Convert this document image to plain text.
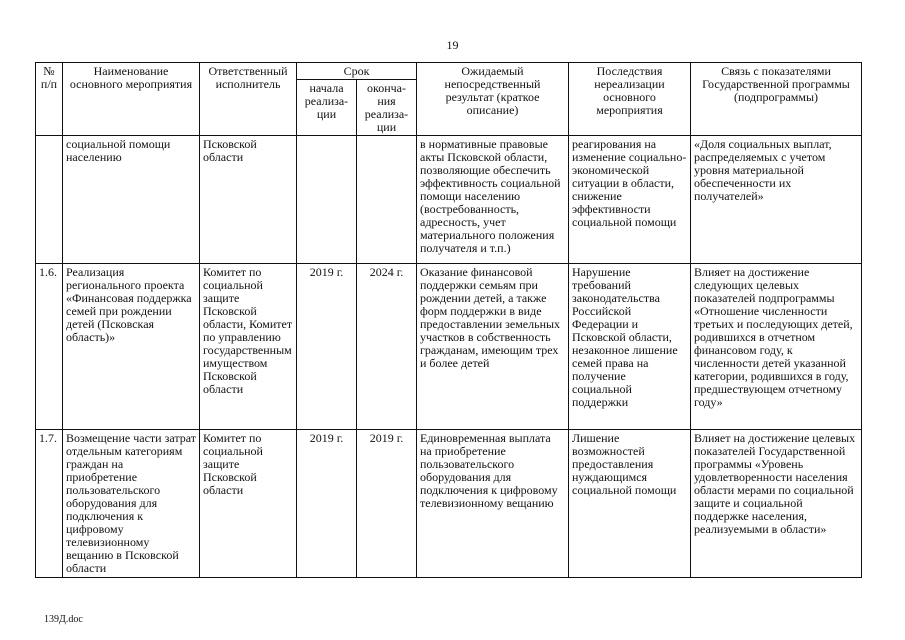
19
№ п/п	Наименование основного мероприятия	Ответственный исполнитель	Срок		Ожидаемый непосредственный результат (краткое описание)	Последствия нереализации основного мероприятия	Связь с показателями Государственной программы (подпрограммы)
			начала реализа-ции	оконча-ния реализа-ции			
	социальной помощи населению	Псковской области			в нормативные правовые акты Псковской области, позволяющие обеспечить эффективность социальной помощи населению (востребованность, адресность, учет материального положения получателя и т.п.)	реагирования на изменение социально-экономической ситуации в области, снижение эффективности социальной помощи	«Доля социальных выплат, распределяемых с учетом уровня материальной обеспеченности их получателей»
1.6.	Реализация регионального проекта «Финансовая поддержка семей при рождении детей (Псковская область)»	Комитет по социальной защите Псковской области, Комитет по управлению государственным имуществом Псковской области	2019 г.	2024 г.	Оказание финансовой поддержки семьям при рождении детей, а также форм поддержки в виде предоставлении земельных участков в собственность гражданам, имеющим трех и более детей	Нарушение требований законодательства Российской Федерации и Псковской области, незаконное лишение семей права на получение социальной поддержки	Влияет на достижение следующих целевых показателей подпрограммы «Отношение численности третьих и последующих детей, родившихся в отчетном финансовом году, к численности детей указанной категории, родившихся в году, предшествующем отчетному году»
1.7.	Возмещение части затрат отдельным категориям граждан на приобретение пользовательского оборудования для подключения к цифровому телевизионному вещанию в Псковской области	Комитет по социальной защите Псковской области	2019 г.	2019 г.	Единовременная выплата на приобретение пользовательского оборудования для подключения к цифровому телевизионному вещанию	Лишение возможностей предоставления нуждающимся социальной помощи	Влияет на достижение целевых показателей Государственной программы «Уровень удовлетворенности населения области мерами по социальной защите и социальной поддержке населения, реализуемыми в области»
139Д.doc
